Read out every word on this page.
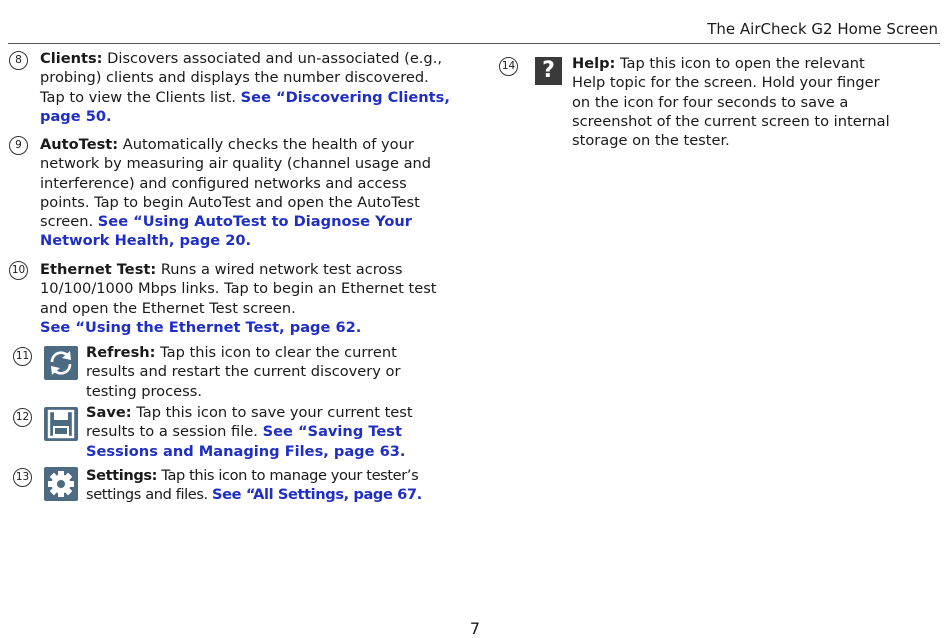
The AirCheck G2 Home Screen
8	Clients: Discovers associated and un-associated (e.g., probing) clients and displays the number discovered. Tap to view the Clients list. See “Discovering Clients, page 50.
9	AutoTest: Automatically checks the health of your network by measuring air quality (channel usage and interference) and configured networks and access points. Tap to begin AutoTest and open the AutoTest screen. See “Using AutoTest to Diagnose Your Network Health, page 20.
10 Ethernet Test: Runs a wired network test across 10/100/1000 Mbps links. Tap to begin an Ethernet test and open the Ethernet Test screen.
See “Using the Ethernet Test, page 62.
11	Refresh: Tap this icon to clear the current results and restart the current discovery or testing process.
12	Save: Tap this icon to save your current test results to a session file. See “Saving Test Sessions and Managing Files, page 63.
13	Settings: Tap this icon to manage your tester’s settings and files. See “All Settings, page 67.
14	?	Help: Tap this icon to open the relevant Help topic for the screen. Hold your finger on the icon for four seconds to save a screenshot of the current screen to internal storage on the tester.
7
